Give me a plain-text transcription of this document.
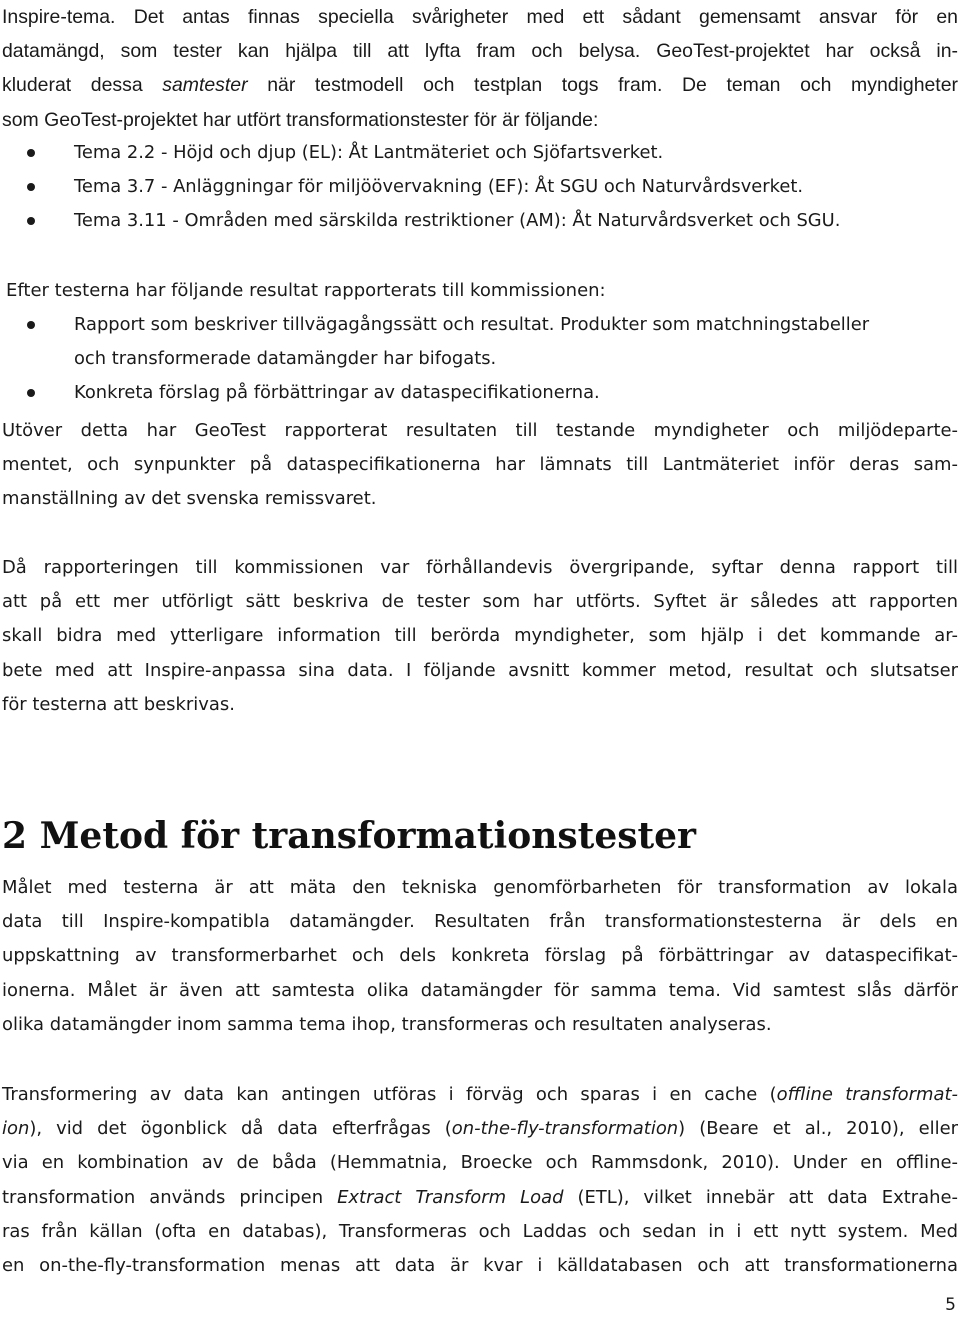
Inspire-tema. Det antas finnas speciella svårigheter med ett sådant gemensamt ansvar för en
datamängd, som tester kan hjälpa till att lyfta fram och belysa. GeoTest-projektet har också in-
kluderat dessa samtester när testmodell och testplan togs fram. De teman och myndigheter
som GeoTest-projektet har utfört transformationstester för är följande:

Tema 2.2 - Höjd och djup (EL): Åt Lantmäteriet och Sjöfartsverket.
Tema 3.7 - Anläggningar för miljöövervakning (EF): Åt SGU och Naturvårdsverket.
Tema 3.11 - Områden med särskilda restriktioner (AM): Åt Naturvårdsverket och SGU.
Efter testerna har följande resultat rapporterats till kommissionen:
Rapport som beskriver tillvägagångssätt och resultat. Produkter som matchningstabeller
och transformerade datamängder har bifogats.
Konkreta förslag på förbättringar av dataspecifikationerna.

Utöver detta har GeoTest rapporterat resultaten till testande myndigheter och miljödeparte-
mentet, och synpunkter på dataspecifikationerna har lämnats till Lantmäteriet inför deras sam-
manställning av det svenska remissvaret.

Då rapporteringen till kommissionen var förhållandevis övergripande, syftar denna rapport till
att på ett mer utförligt sätt beskriva de tester som har utförts. Syftet är således att rapporten
skall bidra med ytterligare information till berörda myndigheter, som hjälp i det kommande ar-
bete med att Inspire-anpassa sina data. I följande avsnitt kommer metod, resultat och slutsatser
för testerna att beskrivas.

2 Metod för transformationstester

Målet med testerna är att mäta den tekniska genomförbarheten för transformation av lokala
data till Inspire-kompatibla datamängder. Resultaten från transformationstesterna är dels en
uppskattning av transformerbarhet och dels konkreta förslag på förbättringar av dataspecifikat-
ionerna. Målet är även att samtesta olika datamängder för samma tema. Vid samtest slås därför
olika datamängder inom samma tema ihop, transformeras och resultaten analyseras.

Transformering av data kan antingen utföras i förväg och sparas i en cache (offline transformat-
ion), vid det ögonblick då data efterfrågas (on-the-fly-transformation) (Beare et al., 2010), eller
via en kombination av de båda (Hemmatnia, Broecke och Rammsdonk, 2010). Under en offline-
transformation används principen Extract Transform Load (ETL), vilket innebär att data Extrahe-
ras från källan (ofta en databas), Transformeras och Laddas och sedan in i ett nytt system. Med
en on-the-fly-transformation menas att data är kvar i källdatabasen och att transformationerna

5
